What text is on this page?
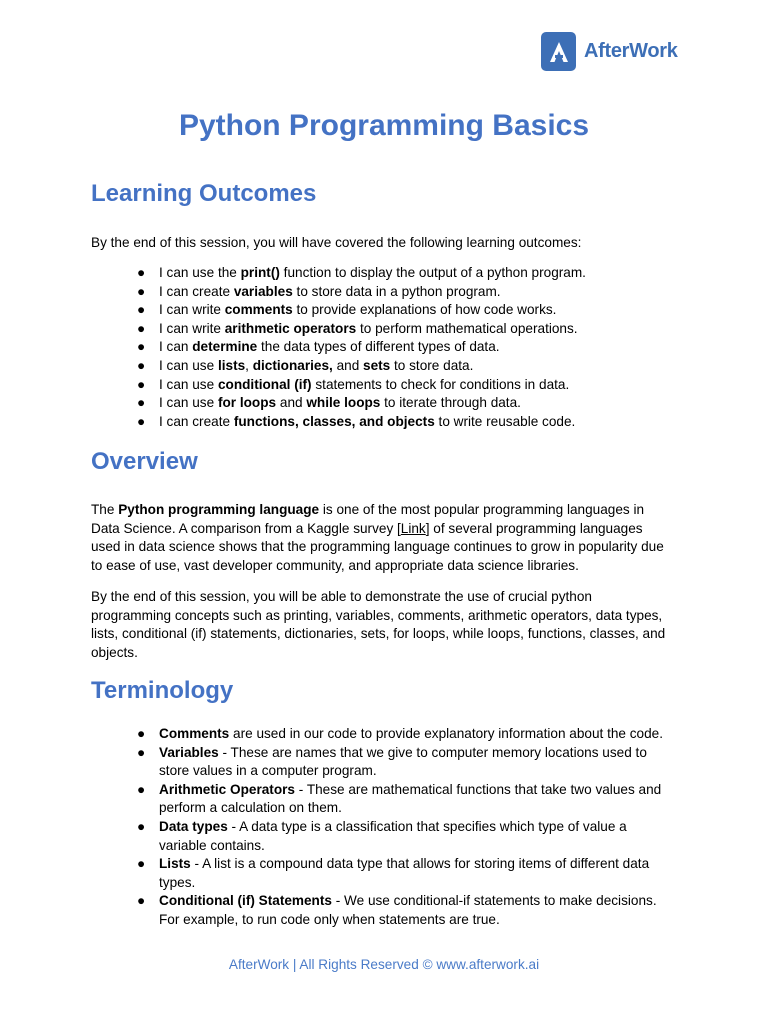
AfterWork
Python Programming Basics
Learning Outcomes

By the end of this session, you will have covered the following learning outcomes:

● I can use the print() function to display the output of a python program.
● I can create variables to store data in a python program.
● I can write comments to provide explanations of how code works.
● I can write arithmetic operators to perform mathematical operations.
● I can determine the data types of different types of data.
● I can use lists, dictionaries, and sets to store data.
● I can use conditional (if) statements to check for conditions in data.
● I can use for loops and while loops to iterate through data.
● I can create functions, classes, and objects to write reusable code.
Overview

The Python programming language is one of the most popular programming languages in
Data Science. A comparison from a Kaggle survey [Link] of several programming languages
used in data science shows that the programming language continues to grow in popularity due
to ease of use, vast developer community, and appropriate data science libraries.

By the end of this session, you will be able to demonstrate the use of crucial python
programming concepts such as printing, variables, comments, arithmetic operators, data types,
lists, conditional (if) statements, dictionaries, sets, for loops, while loops, functions, classes, and
objects.

Terminology
● Comments are used in our code to provide explanatory information about the code.
● Variables - These are names that we give to computer memory locations used to
store values in a computer program.
● Arithmetic Operators - These are mathematical functions that take two values and
perform a calculation on them.
● Data types - A data type is a classification that specifies which type of value a
variable contains.
● Lists - A list is a compound data type that allows for storing items of different data
types.
● Conditional (if) Statements - We use conditional-if statements to make decisions.
For example, to run code only when statements are true.
AfterWork | All Rights Reserved © www.afterwork.ai
